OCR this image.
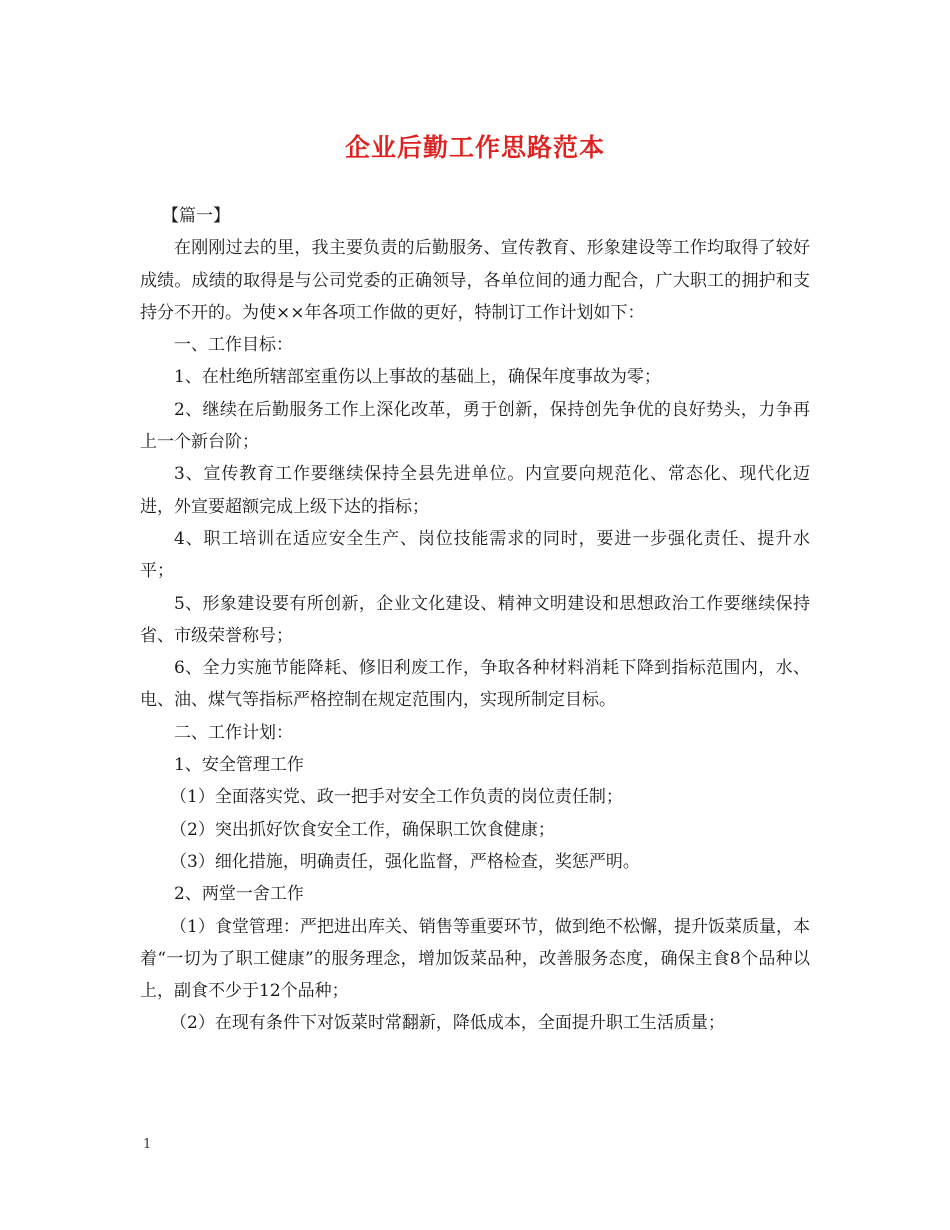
企业后勤工作思路范本

【篇一】

在刚刚过去的里，我主要负责的后勤服务、宣传教育、形象建设等工作均取得了较好成绩。成绩的取得是与公司党委的正确领导，各单位间的通力配合，广大职工的拥护和支持分不开的。为使××年各项工作做的更好，特制订工作计划如下：

一、工作目标：

1、在杜绝所辖部室重伤以上事故的基础上，确保年度事故为零；

2、继续在后勤服务工作上深化改革，勇于创新，保持创先争优的良好势头，力争再上一个新台阶；

3、宣传教育工作要继续保持全县先进单位。内宣要向规范化、常态化、现代化迈进，外宣要超额完成上级下达的指标；

4、职工培训在适应安全生产、岗位技能需求的同时，要进一步强化责任、提升水平；

5、形象建设要有所创新，企业文化建设、精神文明建设和思想政治工作要继续保持省、市级荣誉称号；

6、全力实施节能降耗、修旧利废工作，争取各种材料消耗下降到指标范围内，水、电、油、煤气等指标严格控制在规定范围内，实现所制定目标。

二、工作计划：

1、安全管理工作

（1）全面落实党、政一把手对安全工作负责的岗位责任制；

（2）突出抓好饮食安全工作，确保职工饮食健康；

（3）细化措施，明确责任，强化监督，严格检查，奖惩严明。

2、两堂一舍工作

（1）食堂管理：严把进出库关、销售等重要环节，做到绝不松懈，提升饭菜质量，本着“一切为了职工健康”的服务理念，增加饭菜品种，改善服务态度，确保主食8个品种以上，副食不少于12个品种；

（2）在现有条件下对饭菜时常翻新，降低成本，全面提升职工生活质量；

1
